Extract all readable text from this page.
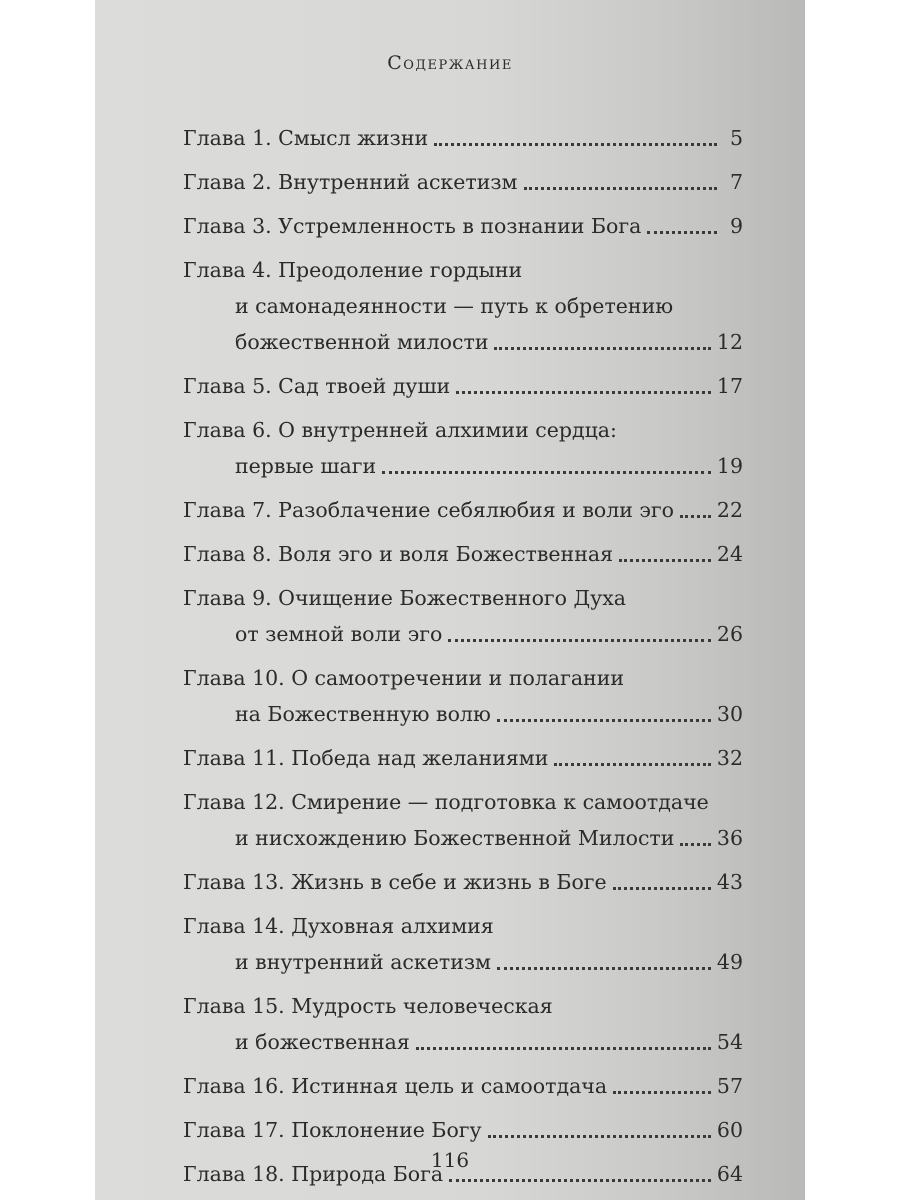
Содержание
Глава 1. Смысл жизни	5
Глава 2. Внутренний аскетизм	7
Глава 3. Устремленность в познании Бога	9
Глава 4. Преодоление гордыни
и самонадеянности — путь к обретению
божественной милости	12
Глава 5. Сад твоей души	17
Глава 6. О внутренней алхимии сердца:
первые шаги	19
Глава 7. Разоблачение себялюбия и воли эго 22
Глава 8. Воля эго и воля Божественная	24
Глава 9. Очищение Божественного Духа
от земной воли эго	26
Глава 10. О самоотречении и полагании
на Божественную волю	30
Глава 11. Победа над желаниями	32
Глава 12. Смирение — подготовка к самоотдаче
и нисхождению Божественной Милости 36
Глава 13. Жизнь в себе и жизнь в Боге	43
Глава 14. Духовная алхимия
и внутренний аскетизм	49
Глава 15. Мудрость человеческая
и божественная	54
Глава 16. Истинная цель и самоотдача	57
Глава 17. Поклонение Богу	60
Глава 18. Природа Бога	64
116
